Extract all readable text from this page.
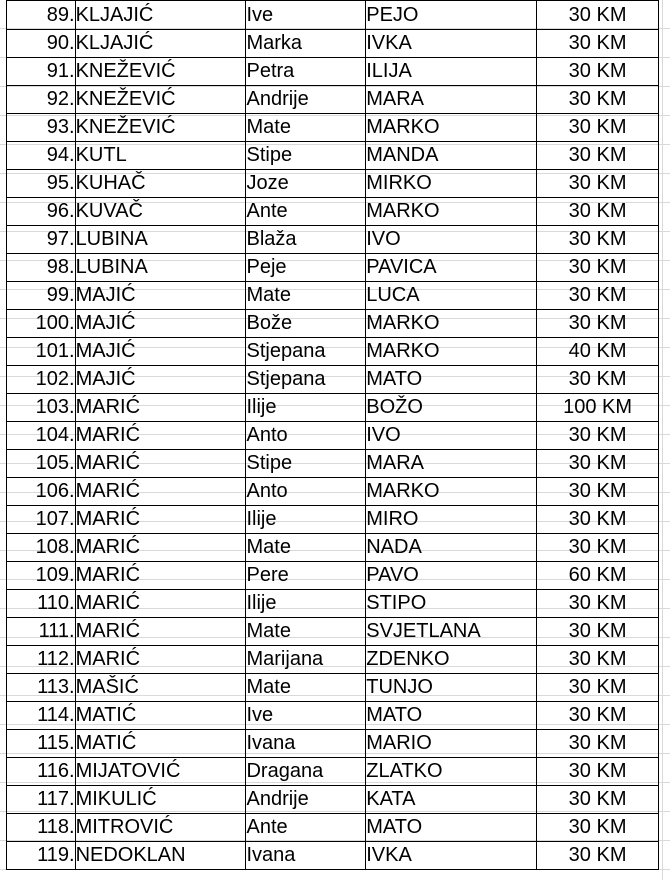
89.	KLJAJIĆ	Ive	PEJO	30 KM
90.	KLJAJIĆ	Marka	IVKA	30 KM
91.	KNEŽEVIĆ	Petra	ILIJA	30 KM
92.	KNEŽEVIĆ	Andrije	MARA	30 KM
93.	KNEŽEVIĆ	Mate	MARKO	30 KM
94.	KUTL	Stipe	MANDA	30 KM
95.	KUHAČ	Joze	MIRKO	30 KM
96.	KUVAČ	Ante	MARKO	30 KM
97.	LUBINA	Blaža	IVO	30 KM
98.	LUBINA	Peje	PAVICA	30 KM
99.	MAJIĆ	Mate	LUCA	30 KM
100.	MAJIĆ	Bože	MARKO	30 KM
101.	MAJIĆ	Stjepana	MARKO	40 KM
102.	MAJIĆ	Stjepana	MATO	30 KM
103.	MARIĆ	Ilije	BOŽO	100 KM
104.	MARIĆ	Anto	IVO	30 KM
105.	MARIĆ	Stipe	MARA	30 KM
106.	MARIĆ	Anto	MARKO	30 KM
107.	MARIĆ	Ilije	MIRO	30 KM
108.	MARIĆ	Mate	NADA	30 KM
109.	MARIĆ	Pere	PAVO	60 KM
110.	MARIĆ	Ilije	STIPO	30 KM
111.	MARIĆ	Mate	SVJETLANA	30 KM
112.	MARIĆ	Marijana	ZDENKO	30 KM
113.	MAŠIĆ	Mate	TUNJO	30 KM
114.	MATIĆ	Ive	MATO	30 KM
115.	MATIĆ	Ivana	MARIO	30 KM
116.	MIJATOVIĆ	Dragana	ZLATKO	30 KM
117.	MIKULIĆ	Andrije	KATA	30 KM
118.	MITROVIĆ	Ante	MATO	30 KM
119.	NEDOKLAN	Ivana	IVKA	30 KM
